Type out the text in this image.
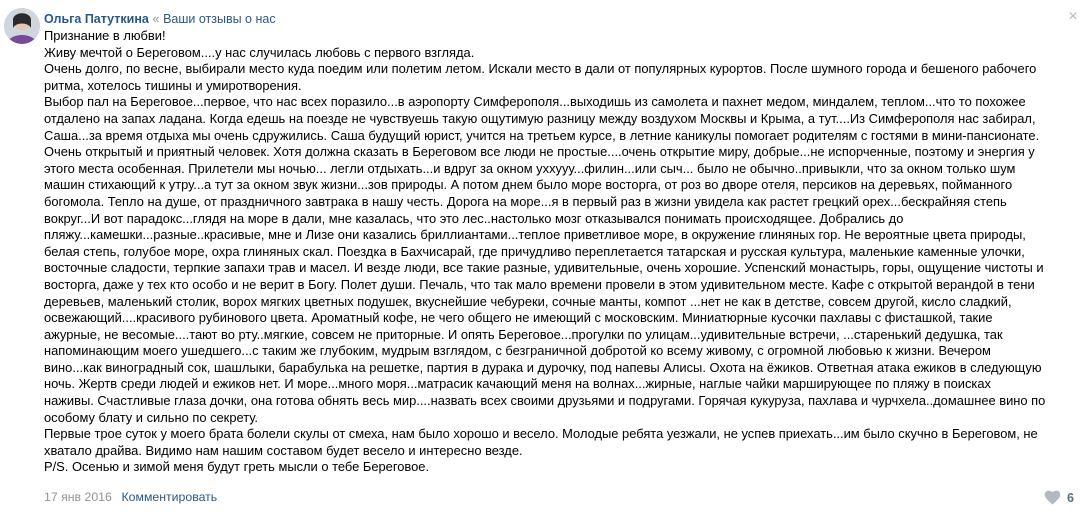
Ольга Патуткина « Ваши отзывы о нас	×
Признание в любви!
Живу мечтой о Береговом....у нас случилась любовь с первого взгляда.
Очень долго, по весне, выбирали место куда поедим или полетим летом. Искали место в дали от популярных курортов. После шумного города и бешеного рабочего
ритма, хотелось тишины и умиротворения.
Выбор пал на Береговое...первое, что нас всех поразило...в аэропорту Симферополя...выходишь из самолета и пахнет медом, миндалем, теплом...что то похожее
отдалено на запах ладана. Когда едешь на поезде не чувствуешь такую ощутимую разницу между воздухом Москвы и Крыма, а тут....Из Симферополя нас забирал,
Саша...за время отдыха мы очень сдружились. Саша будущий юрист, учится на третьем курсе, в летние каникулы помогает родителям с гостями в мини-пансионате.
Очень открытый и приятный человек. Хотя должна сказать в Береговом все люди не простые....очень открытие миру, добрые...не испорченные, поэтому и энергия у
этого места особенная. Прилетели мы ночью... легли отдыхать...и вдруг за окном уххууу...филин...или сыч... было не обычно..привыкли, что за окном только шум
машин стихающий к утру...а тут за окном звук жизни...зов природы. А потом днем было море восторга, от роз во дворе отеля, персиков на деревьях, пойманного
богомола. Тепло на душе, от праздничного завтрака в нашу честь. Дорога на море...я в первый раз в жизни увидела как растет грецкий орех...бескрайняя степь
вокруг...И вот парадокс...глядя на море в дали, мне казалась, что это лес..настолько мозг отказывался понимать происходящее. Добрались до
пляжу...камешки...разные..красивые, мне и Лизе они казались бриллиантами...теплое приветливое море, в окружение глиняных гор. Не вероятные цвета природы,
белая степь, голубое море, охра глиняных скал. Поездка в Бахчисарай, где причудливо переплетается татарская и русская культура, маленькие каменные улочки,
восточные сладости, терпкие запахи трав и масел. И везде люди, все такие разные, удивительные, очень хорошие. Успенский монастырь, горы, ощущение чистоты и
восторга, даже у тех кто особо и не верит в Богу. Полет души. Печаль, что так мало времени провели в этом удивительном месте. Кафе с открытой верандой в тени
деревьев, маленький столик, ворох мягких цветных подушек, вкуснейшие чебуреки, сочные манты, компот ...нет не как в детстве, совсем другой, кисло сладкий,
освежающий....красивого рубинового цвета. Ароматный кофе, не чего общего не имеющий с московским. Миниатюрные кусочки пахлавы с фисташкой, такие
ажурные, не весомые....тают во рту..мягкие, совсем не приторные. И опять Береговое...прогулки по улицам...удивительные встречи, ...старенький дедушка, так
напоминающим моего ушедшего...с таким же глубоким, мудрым взглядом, с безграничной добротой ко всему живому, с огромной любовью к жизни. Вечером
вино...как виноградный сок, шашлыки, барабулька на решетке, партия в дурака и дурочку, под напевы Алисы. Охота на ёжиков. Ответная атака ежиков в следующую
ночь. Жертв среди людей и ежиков нет. И море...много моря...матрасик качающий меня на волнах...жирные, наглые чайки марширующее по пляжу в поисках
наживы. Счастливые глаза дочки, она готова обнять весь мир....назвать всех своими друзьями и подругами. Горячая кукуруза, пахлава и чурчхела..домашнее вино по
особому блату и сильно по секрету.
Первые трое суток у моего брата болели скулы от смеха, нам было хорошо и весело. Молодые ребята уезжали, не успев приехать...им было скучно в Береговом, не
хватало драйва. Видимо нам нашим составом будет весело и интересно везде.
P/S. Осенью и зимой меня будут греть мысли о тебе Береговое.
17 янв 2016 Комментировать	6
